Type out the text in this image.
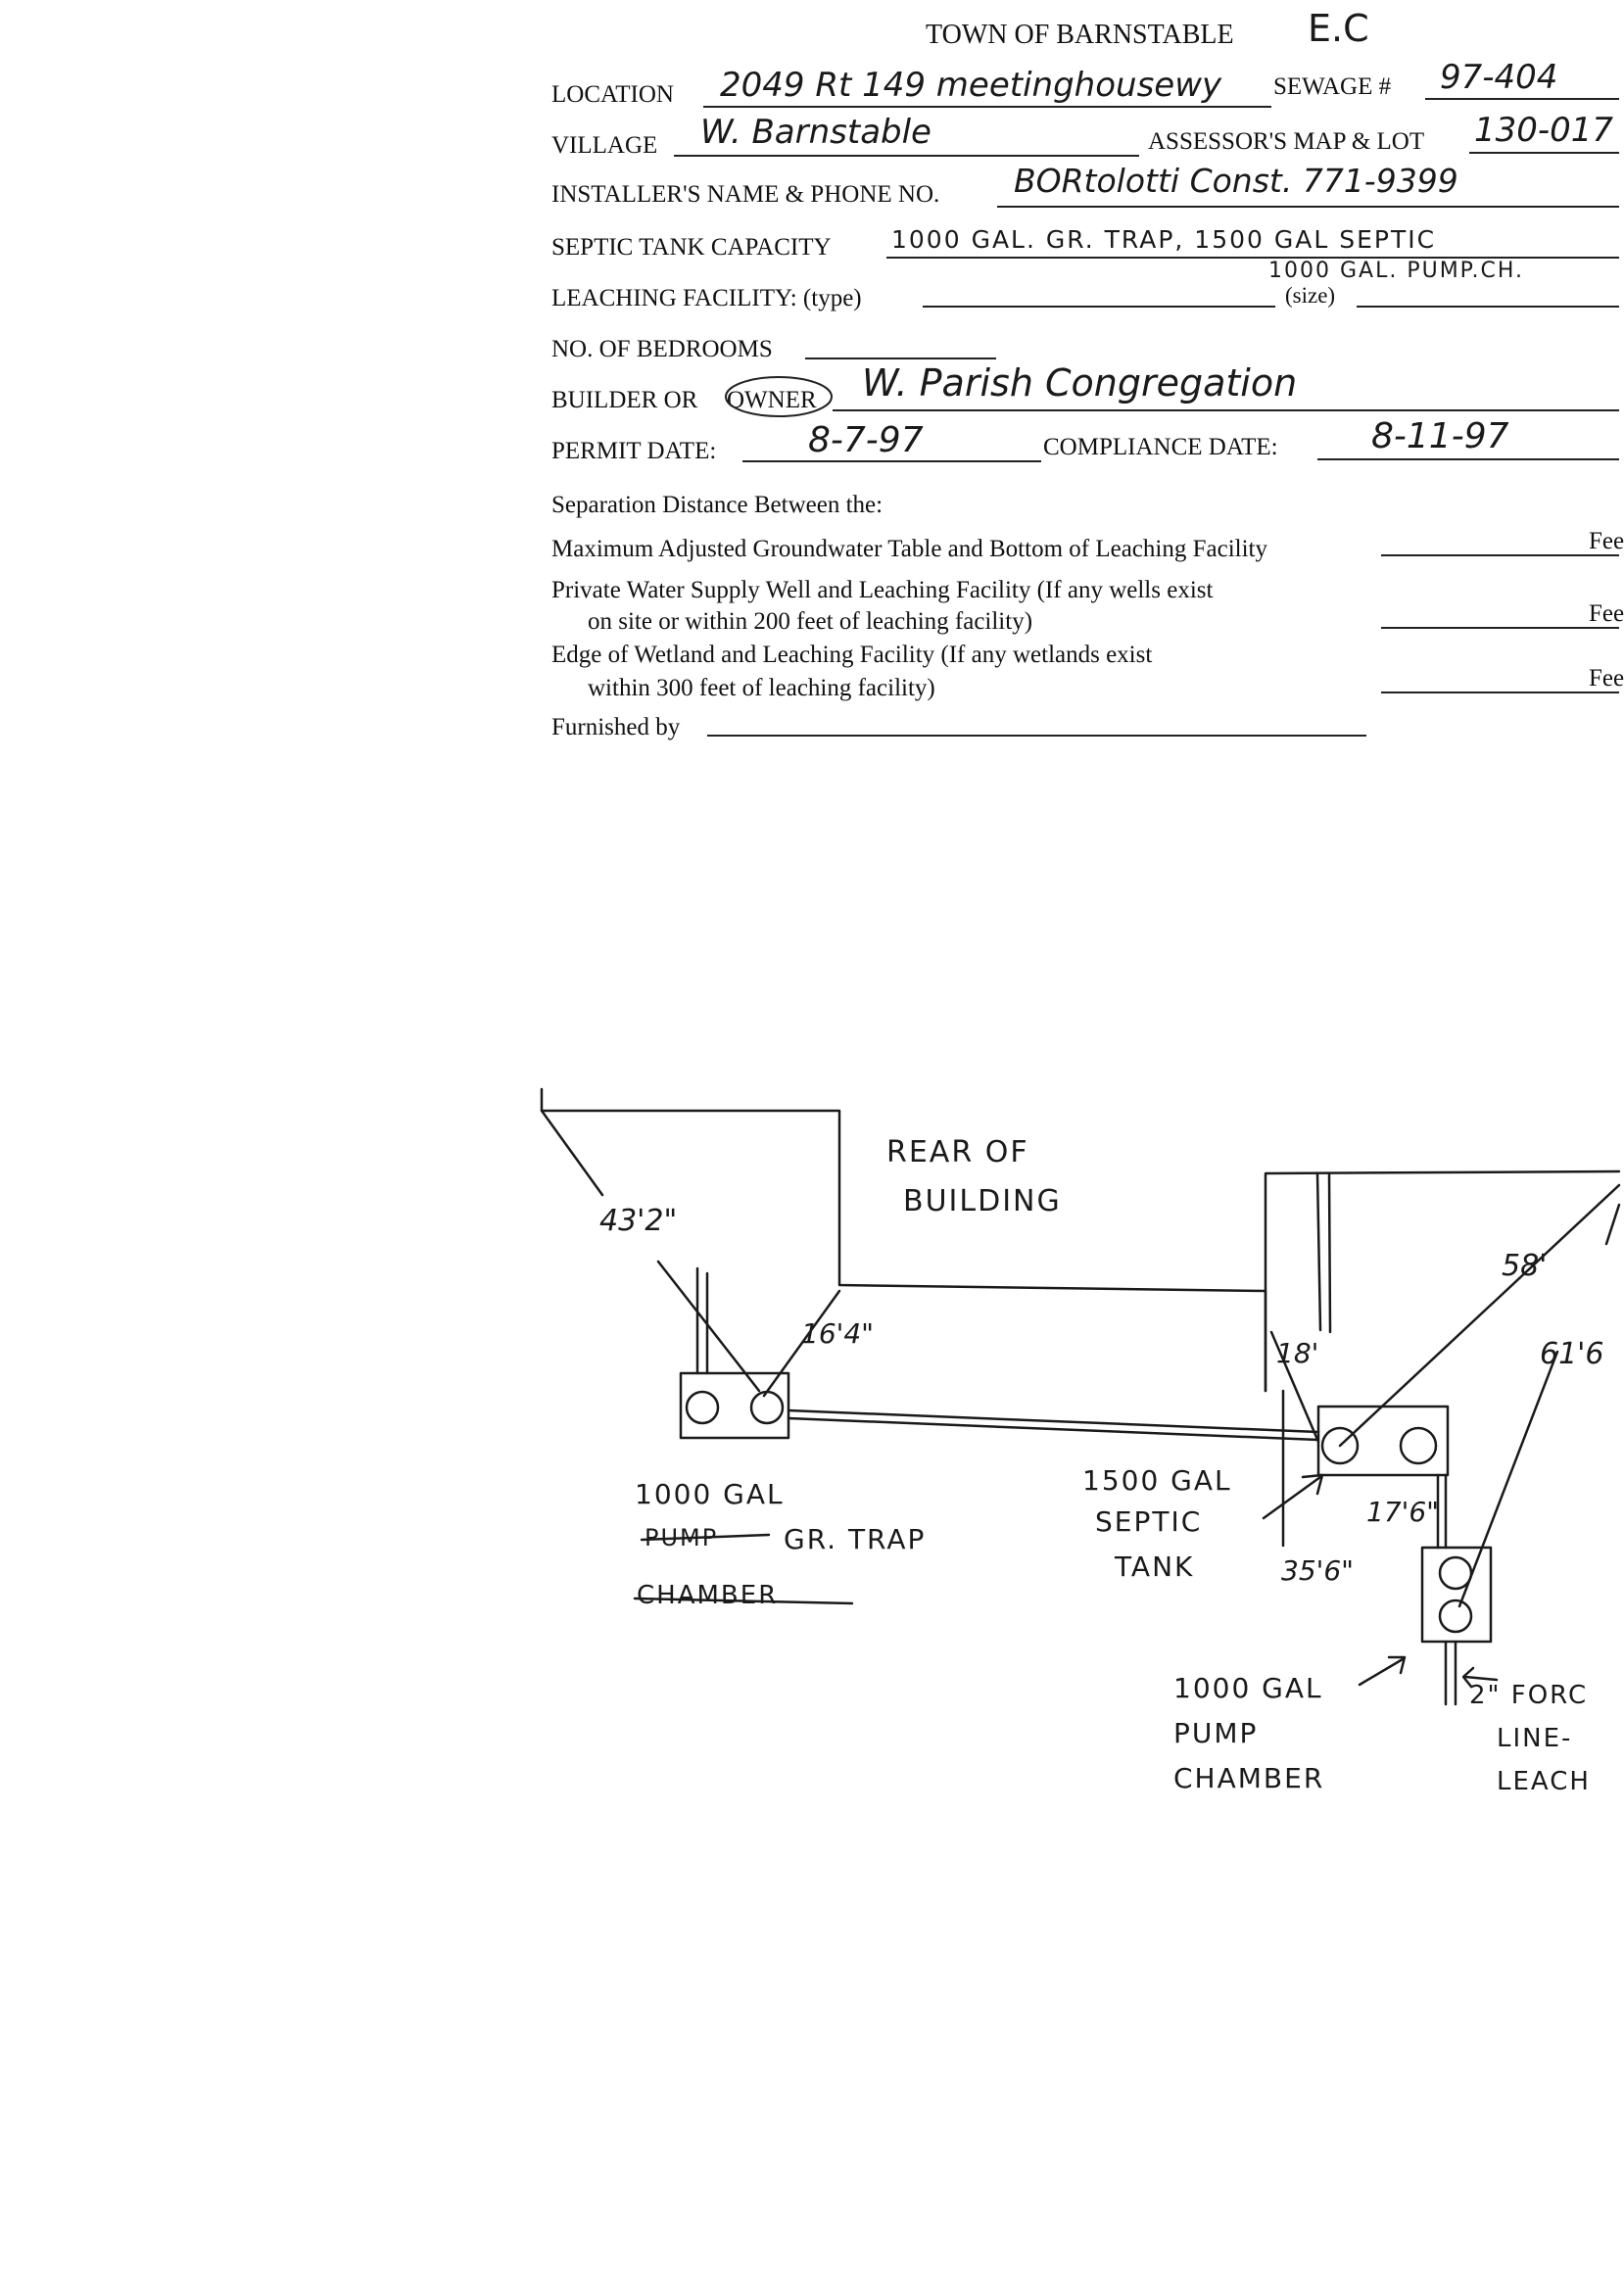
TOWN OF BARNSTABLE E.C
LOCATION 2049 Rt 149 meetinghousewy SEWAGE # 97-404
VILLAGE W. Barnstable	ASSESSOR'S MAP & LOT 130-017
INSTALLER'S NAME & PHONE NO. BORtolotti Const. 771-9399
SEPTIC TANK CAPACITY 1000 GAL. GR. TRAP, 1500 GAL SEPTIC
LEACHING FACILITY: (type)	(size)
1000 GAL. PUMP.CH.
NO. OF BEDROOMS
BUILDER OR OWNER W. Parish Congregation
PERMIT DATE:	8-7-97	COMPLIANCE DATE:	8-11-97
Separation Distance Between the:
Maximum Adjusted Groundwater Table and Bottom of Leaching Facility	Fee
Private Water Supply Well and Leaching Facility (If any wells exist
on site or within 200 feet of leaching facility)	Fee
Edge of Wetland and Leaching Facility (If any wetlands exist
within 300 feet of leaching facility)	Fee
Furnished by
REAR OF
BUILDING
43'2"
16'4"
18'
58'
61'6
17'6"
35'6"
1000 GAL
PUMP GR. TRAP
CHAMBER
1500 GAL
SEPTIC
TANK
1000 GAL
PUMP
CHAMBER
2" FORC
LINE-
LEACH
